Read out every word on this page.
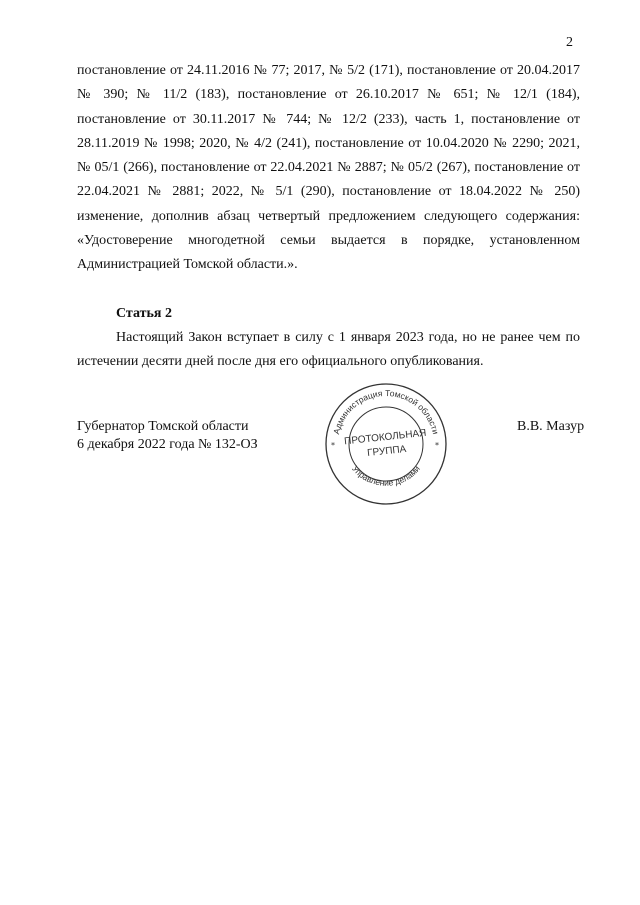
2

постановление от 24.11.2016 № 77; 2017, № 5/2 (171), постановление от 20.04.2017 № 390; № 11/2 (183), постановление от 26.10.2017 № 651; № 12/1 (184), постановление от 30.11.2017 № 744; № 12/2 (233), часть 1, постановление от 28.11.2019 № 1998; 2020, № 4/2 (241), постановление от 10.04.2020 № 2290; 2021, № 05/1 (266), постановление от 22.04.2021 № 2887; № 05/2 (267), постановление от 22.04.2021 № 2881; 2022, № 5/1 (290), постановление от 18.04.2022 № 250) изменение, дополнив абзац четвертый предложением следующего содержания: «Удостоверение многодетной семьи выдается в порядке, установленном Администрацией Томской области.».

Статья 2

Настоящий Закон вступает в силу с 1 января 2023 года, но не ранее чем по истечении десяти дней после дня его официального опубликования.

Губернатор Томской области
6 декабря 2022 года № 132-ОЗ
В.В. Мазур
Администрация Томской области
Управление делами
*	*
ПРОТОКОЛЬНАЯ
ГРУППА
